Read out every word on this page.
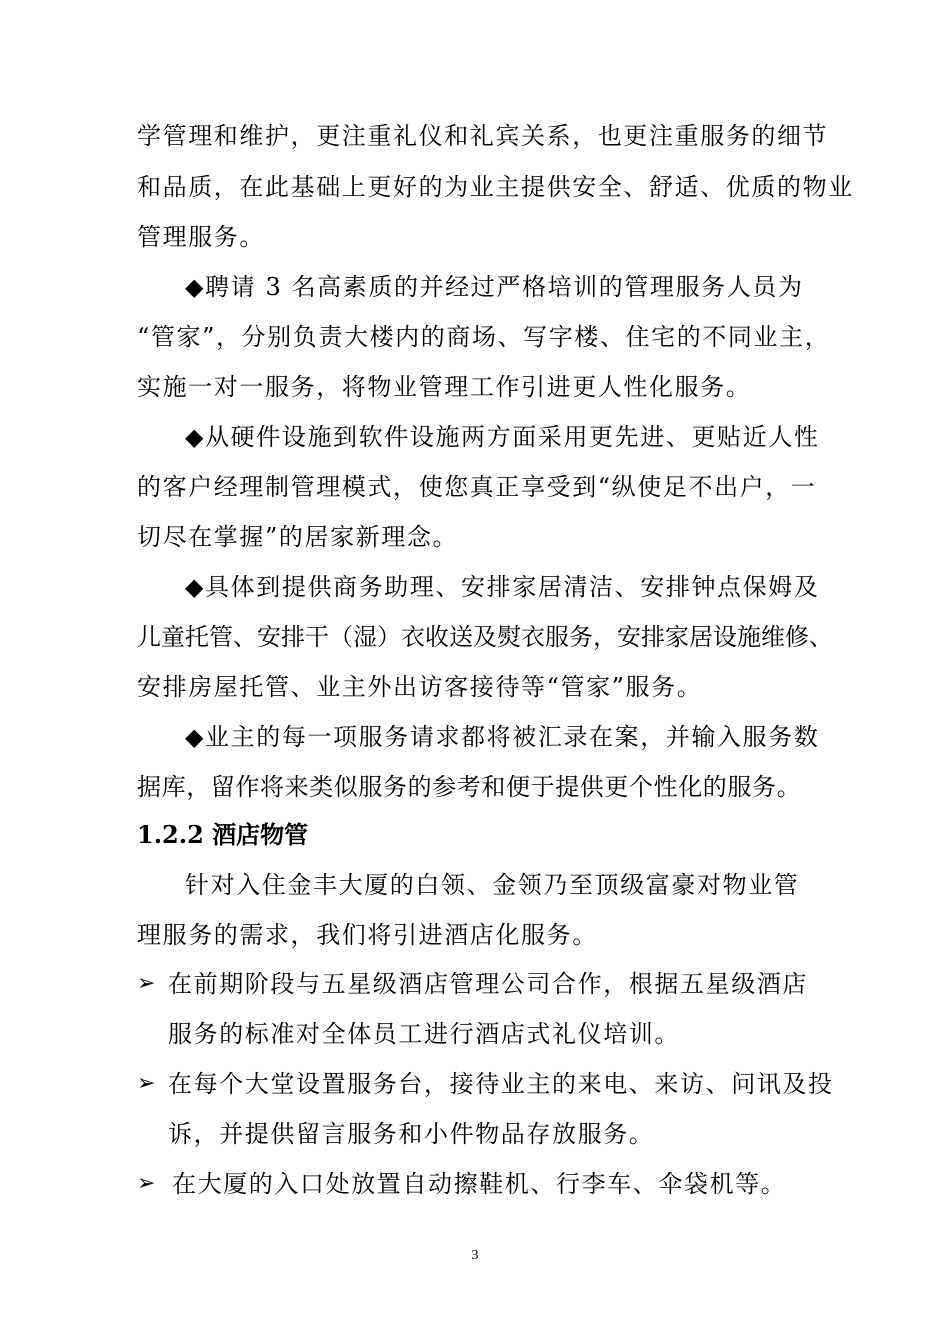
学管理和维护，更注重礼仪和礼宾关系，也更注重服务的细节
和品质，在此基础上更好的为业主提供安全、舒适、优质的物业
管理服务。
◆聘请 3 名高素质的并经过严格培训的管理服务人员为
“管家”，分别负责大楼内的商场、写字楼、住宅的不同业主，
实施一对一服务，将物业管理工作引进更人性化服务。
◆从硬件设施到软件设施两方面采用更先进、更贴近人性
的客户经理制管理模式，使您真正享受到“纵使足不出户，一
切尽在掌握”的居家新理念。
◆具体到提供商务助理、安排家居清洁、安排钟点保姆及
儿童托管、安排干（湿）衣收送及熨衣服务，安排家居设施维修、
安排房屋托管、业主外出访客接待等“管家”服务。
◆业主的每一项服务请求都将被汇录在案，并输入服务数
据库，留作将来类似服务的参考和便于提供更个性化的服务。
1.2.2 酒店物管
针对入住金丰大厦的白领、金领乃至顶级富豪对物业管
理服务的需求，我们将引进酒店化服务。
➢ 在前期阶段与五星级酒店管理公司合作，根据五星级酒店
服务的标准对全体员工进行酒店式礼仪培训。
➢ 在每个大堂设置服务台，接待业主的来电、来访、问讯及投
诉，并提供留言服务和小件物品存放服务。
➢ 在大厦的入口处放置自动擦鞋机、行李车、伞袋机等。
3
